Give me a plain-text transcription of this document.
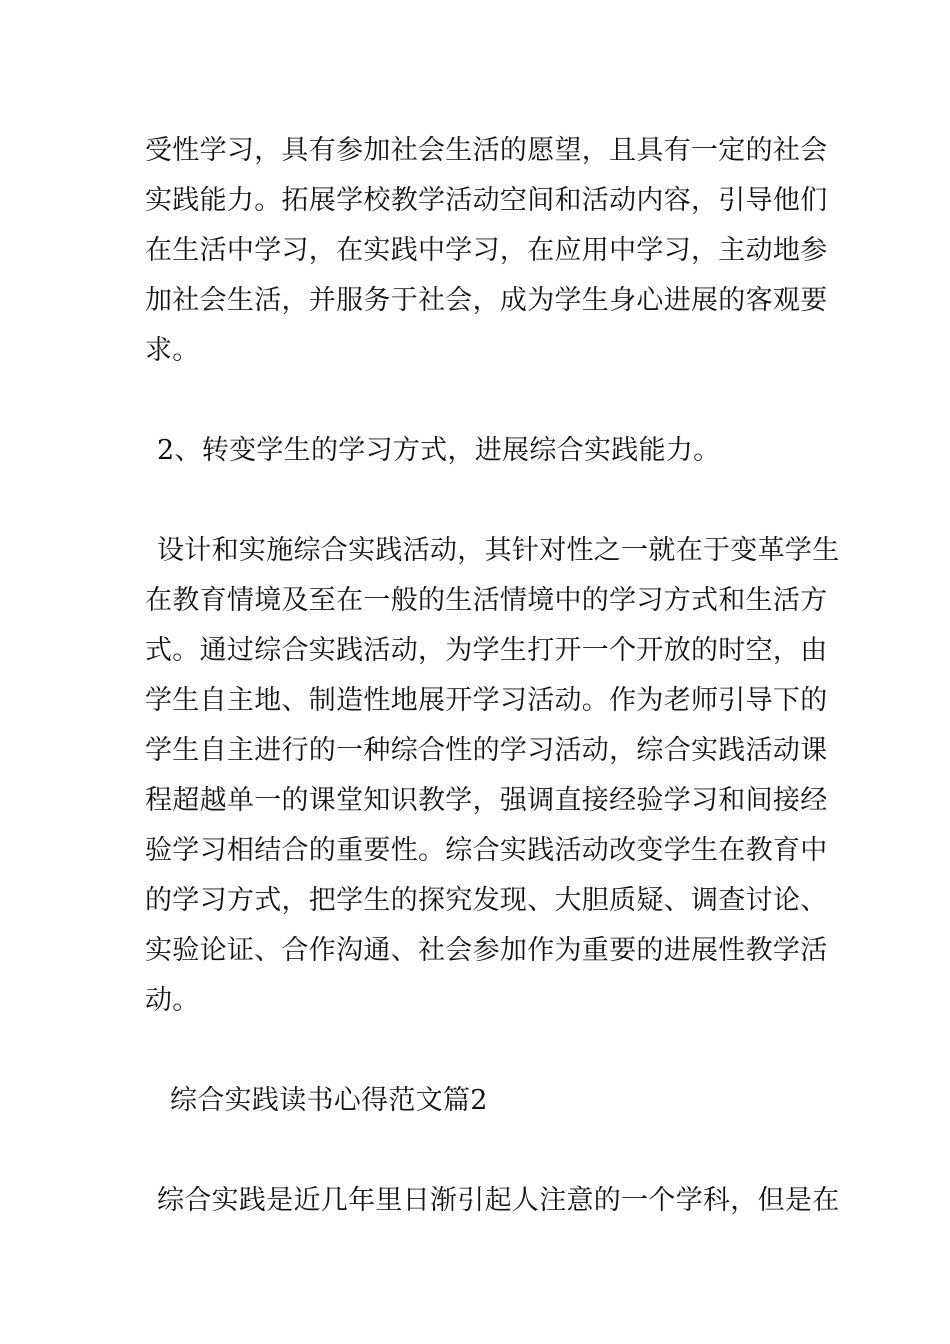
受性学习，具有参加社会生活的愿望，且具有一定的社会
实践能力。拓展学校教学活动空间和活动内容，引导他们
在生活中学习，在实践中学习，在应用中学习，主动地参
加社会生活，并服务于社会，成为学生身心进展的客观要
求。
2、转变学生的学习方式，进展综合实践能力。
设计和实施综合实践活动，其针对性之一就在于变革学生
在教育情境及至在一般的生活情境中的学习方式和生活方
式。通过综合实践活动，为学生打开一个开放的时空，由
学生自主地、制造性地展开学习活动。作为老师引导下的
学生自主进行的一种综合性的学习活动，综合实践活动课
程超越单一的课堂知识教学，强调直接经验学习和间接经
验学习相结合的重要性。综合实践活动改变学生在教育中
的学习方式，把学生的探究发现、大胆质疑、调查讨论、
实验论证、合作沟通、社会参加作为重要的进展性教学活
动。
综合实践读书心得范文篇2
综合实践是近几年里日渐引起人注意的一个学科，但是在
